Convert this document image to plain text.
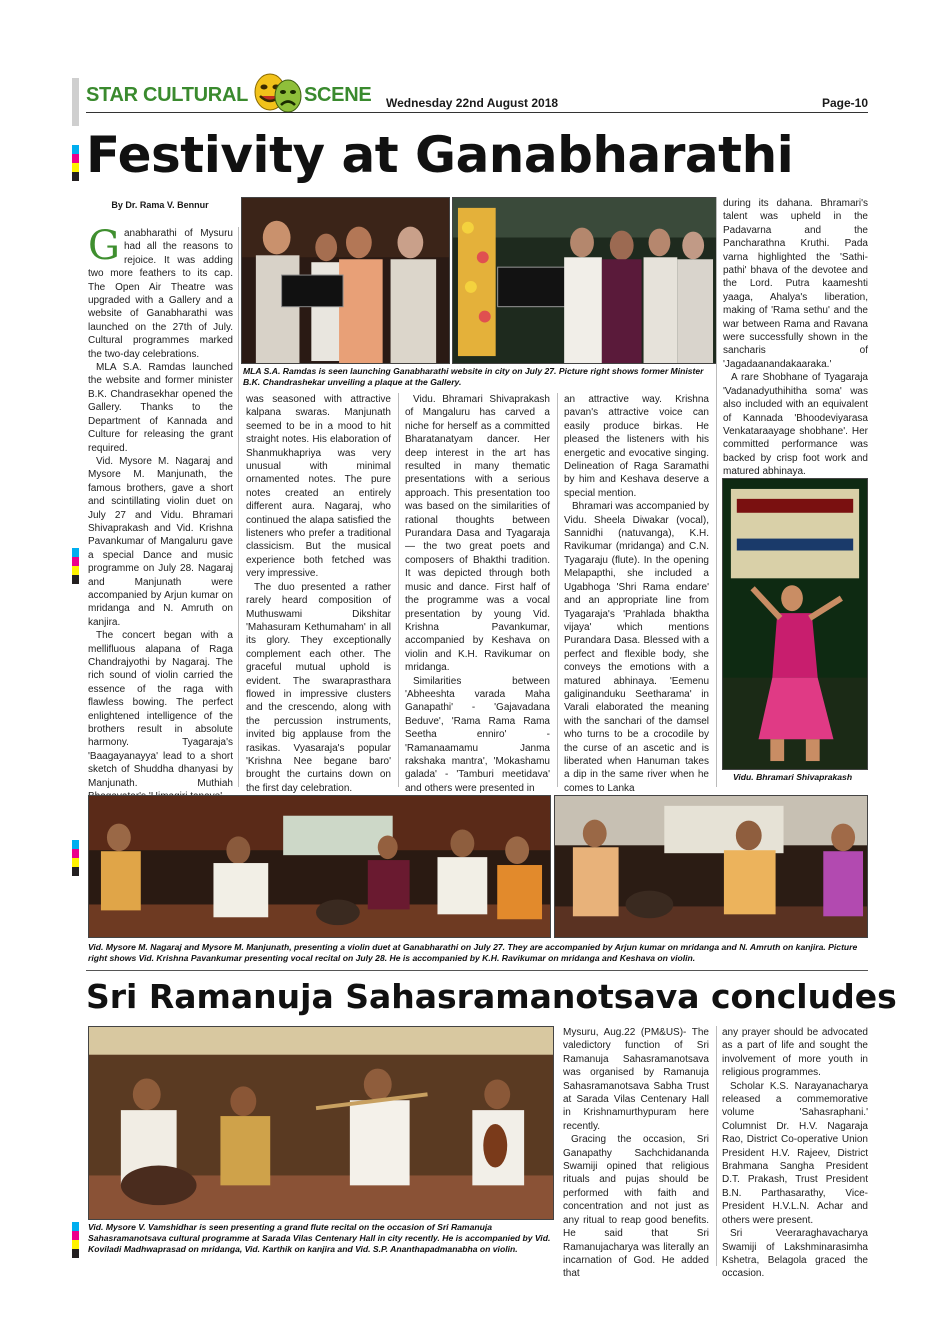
STAR CULTURAL	SCENE Wednesday 22nd August 2018	Page-10
Festivity at Ganabharathi
By Dr. Rama V. Bennur
MLA S.A. Ramdas is seen launching Ganabharathi website in city on July 27. Picture right shows former Minister B.K. Chandrashekar unveiling a plaque at the Gallery.

Ganabharathi of Mysuru had all the reasons to rejoice. It was adding two more feathers to its cap. The Open Air Theatre was upgraded with a Gallery and a website of Ganabharathi was launched on the 27th of July. Cultural programmes marked the two-day celebrations.

MLA S.A. Ramdas launched the website and former minister B.K. Chandrasekhar opened the Gallery. Thanks to the Department of Kannada and Culture for releasing the grant required.

Vid. Mysore M. Nagaraj and Mysore M. Manjunath, the famous brothers, gave a short and scintillating violin duet on July 27 and Vidu. Bhramari Shivaprakash and Vid. Krishna Pavankumar of Mangaluru gave a special Dance and music programme on July 28. Nagaraj and Manjunath were accompanied by Arjun kumar on mridanga and N. Amruth on kanjira.

The concert began with a mellifluous alapana of Raga Chandrajyothi by Nagaraj. The rich sound of violin carried the essence of the raga with flawless bowing. The perfect enlightened intelligence of the brothers result in absolute harmony. Tyagaraja's 'Baagayanayya' lead to a short sketch of Shuddha dhanyasi by Manjunath. Muthiah

was seasoned with attractive kalpana swaras. Manjunath seemed to be in a mood to hit straight notes. His elaboration of Shanmukhapriya was very unusual with minimal ornamented notes. The pure notes created an entirely different aura. Nagaraj, who continued the alapa satisfied the listeners who prefer a traditional classicism. But the musical experience both fetched was very impressive.

The duo presented a rather rarely heard composition of Muthuswami Dikshitar 'Mahasuram Kethumaham' in all its glory. They exceptionally complement each other. The graceful mutual uphold is evident. The swaraprasthara flowed in impressive clusters and the crescendo, along with the percussion instruments, invited big applause from the rasikas. Vyasaraja's popular 'Krishna Nee begane baro' brought the curtains down on the first day celebration.

Vidu. Bhramari Shivaprakash of Mangaluru has carved a niche for herself as a committed Bharatanatyam dancer. Her deep interest in the art has resulted in many thematic presentations with a serious approach. This presentation too was based on the similarities of rational thoughts between Purandara Dasa and Tyagaraja — the two great poets and composers of Bhakthi tradition. It was depicted through both music and dance. First half of the programme was a vocal presentation by young Vid. Krishna Pavankumar, accompanied by Keshava on violin and K.H. Ravikumar on mridanga.

Similarities between 'Abheeshta varada Maha Ganapathi' - 'Gajavadana Beduve', 'Rama Rama Rama Seetha enniro' - 'Ramanaamamu Janma rakshaka mantra', 'Mokashamu galada' - 'Tamburi meetidava' and others were presented in

an attractive way. Krishna pavan's attractive voice can easily produce birkas. He pleased the listeners with his energetic and evocative singing. Delineation of Raga Saramathi by him and Keshava deserve a special mention.

Bhramari was accompanied by Vidu. Sheela Diwakar (vocal), Sannidhi (natuvanga), K.H. Ravikumar (mridanga) and C.N. Tyagaraju (flute). In the opening Melapapthi, she included a Ugabhoga 'Shri Rama endare' and an appropriate line from Tyagaraja's 'Prahlada bhaktha vijaya' which mentions Purandara Dasa. Blessed with a perfect and flexible body, she conveys the emotions with a matured abhinaya. 'Eemenu galiginanduku Seetharama' in Varali elaborated the meaning with the sanchari of the damsel who turns to be a crocodile by the curse of an ascetic and is liberated when Hanuman takes a dip in the same river when he comes to Lanka

during its dahana. Bhramari's talent was upheld in the Padavarna and the Pancharathna Kruthi. Pada varna highlighted the 'Sathi-pathi' bhava of the devotee and the Lord. Putra kaameshti yaaga, Ahalya's liberation, making of 'Rama sethu' and the war between Rama and Ravana were successfully shown in the sancharis of 'Jagadaanandakaaraka.'

A rare Shobhane of Tyagaraja 'Vadanadyuthihitha soma' was also included with an equivalent of Kannada 'Bhoodeviyarasa Venkataraayage shobhane'. Her committed performance was backed by crisp foot work and matured abhinaya.

Vidu. Bhramari Shivaprakash
Vid. Mysore M. Nagaraj and Mysore M. Manjunath, presenting a violin duet at Ganabharathi on July 27. They are accompanied by Arjun kumar on mridanga and N. Amruth on kanjira. Picture right shows Vid. Krishna Pavankumar presenting vocal recital on July 28. He is accompanied by K.H. Ravikumar on mridanga and Keshava on violin.
Sri Ramanuja Sahasramanotsava concludes
Vid. Mysore V. Vamshidhar is seen presenting a grand flute recital on the occasion of Sri Ramanuja Sahasramanotsava cultural programme at Sarada Vilas Centenary Hall in city recently. He is accompanied by Vid. Koviladi Madhwaprasad on mridanga, Vid. Karthik on kanjira and Vid. S.P. Ananthapadmanabha on violin.

Mysuru, Aug.22 (PM&US)- The valedictory function of Sri Ramanuja Sahasramanotsava was organised by Ramanuja Sahasramanotsava Sabha Trust at Sarada Vilas Centenary Hall in Krishnamurthypuram here recently.

Gracing the occasion, Sri Ganapathy Sachchidananda Swamiji opined that religious rituals and pujas should be performed with faith and concentration and not just as any ritual to reap good benefits. He said that Sri Ramanujacharya was literally an incarnation of God. He added that

any prayer should be advocated as a part of life and sought the involvement of more youth in religious programmes.

Scholar K.S. Narayanacharya released a commemorative volume 'Sahasraphani.' Columnist Dr. H.V. Nagaraja Rao, District Co-operative Union President H.V. Rajeev, District Brahmana Sangha President D.T. Prakash, Trust President B.N. Parthasarathy, Vice-President H.V.L.N. Achar and others were present.

Sri Veeraraghavacharya Swamiji of Lakshminarasimha Kshetra, Belagola graced the occasion.
